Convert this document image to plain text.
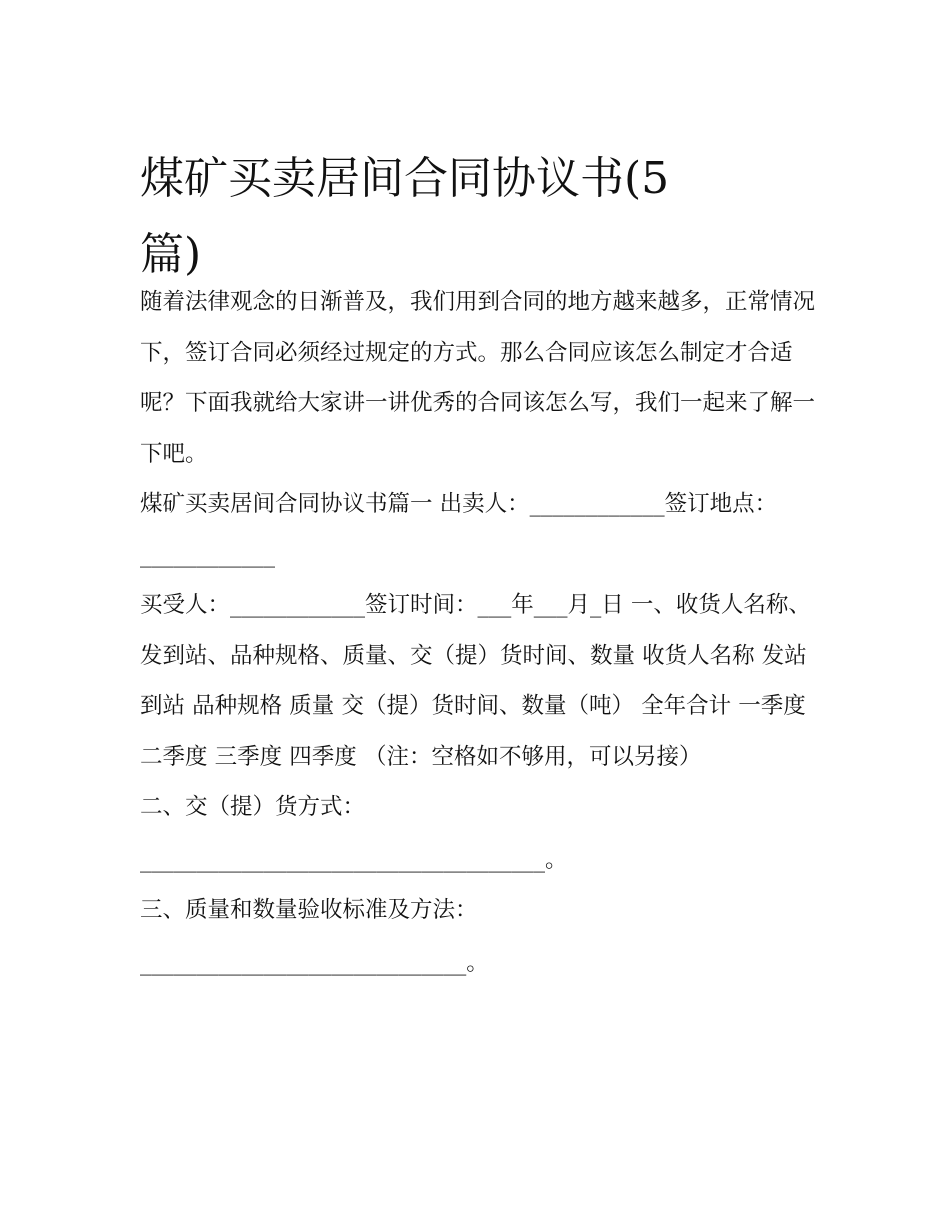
煤矿买卖居间合同协议书(5
篇)

随着法律观念的日渐普及，我们用到合同的地方越来越多，正常情况下，签订合同必须经过规定的方式。那么合同应该怎么制定才合适呢？下面我就给大家讲一讲优秀的合同该怎么写，我们一起来了解一下吧。

煤矿买卖居间合同协议书篇一 出卖人：____________签订地点：____________

买受人：____________签订时间：___年___月_日 一、收货人名称、发到站、品种规格、质量、交（提）货时间、数量 收货人名称 发站

到站 品种规格 质量 交（提）货时间、数量（吨） 全年合计 一季度 二季度 三季度 四季度 （注：空格如不够用，可以另接）

二、交（提）货方式：

____________________________________。

三、质量和数量验收标准及方法：

_____________________________。
